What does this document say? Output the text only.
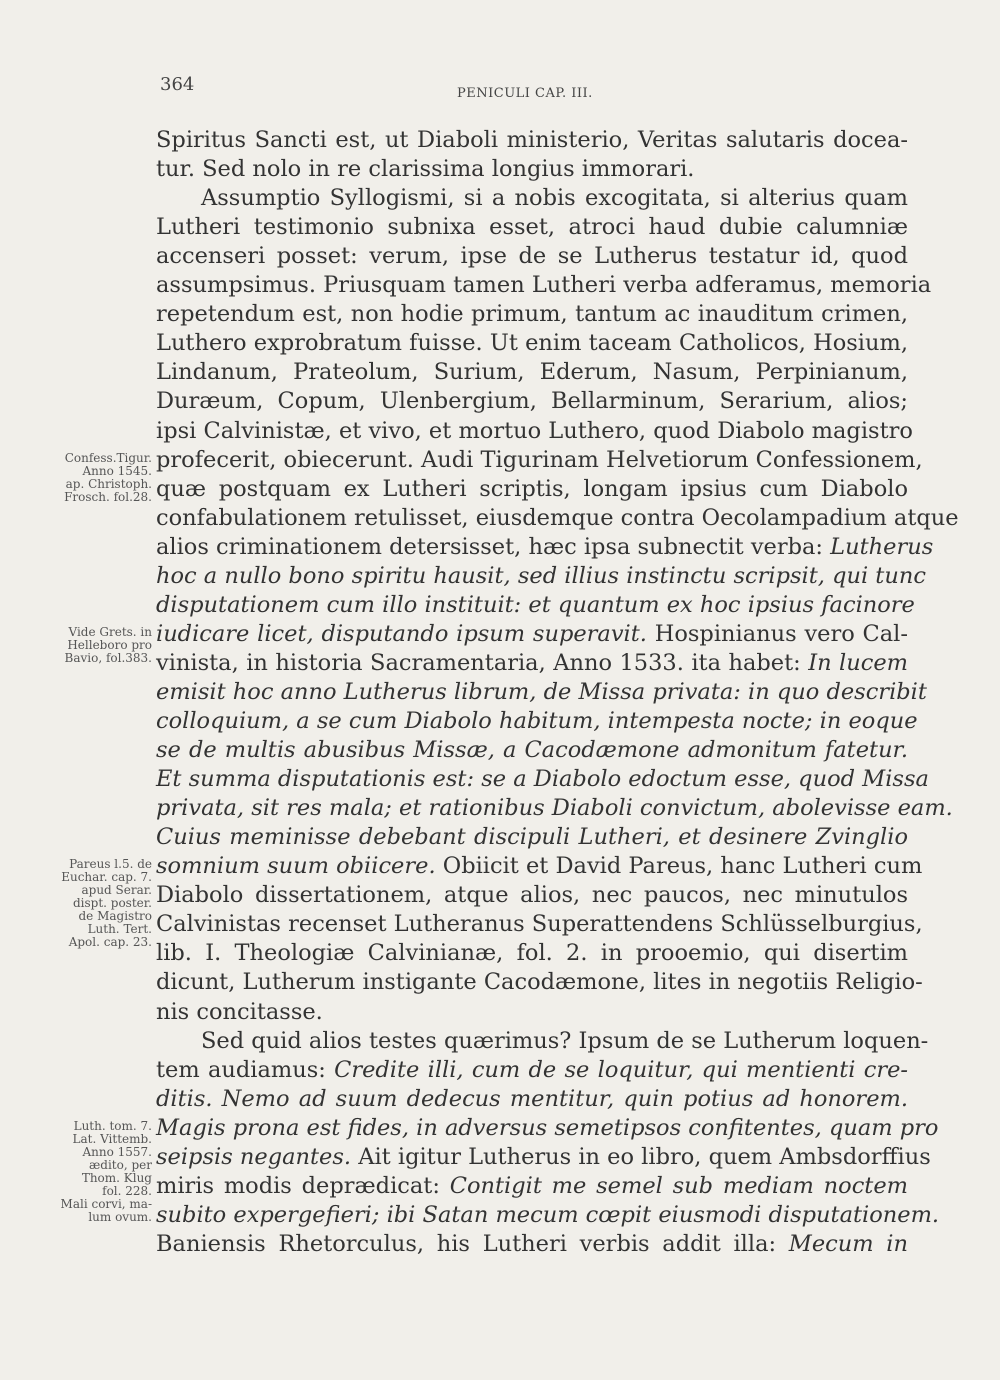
364	PENICULI CAP. III.
Spiritus Sancti est, ut Diaboli ministerio, Veritas salutaris docea-
tur. Sed nolo in re clarissima longius immorari.
Assumptio Syllogismi, si a nobis excogitata, si alterius quam
Lutheri testimonio subnixa esset, atroci haud dubie calumniæ
accenseri posset: verum, ipse de se Lutherus testatur id, quod
assumpsimus. Priusquam tamen Lutheri verba adferamus, memoria
repetendum est, non hodie primum, tantum ac inauditum crimen,
Luthero exprobratum fuisse. Ut enim taceam Catholicos, Hosium,
Lindanum, Prateolum, Surium, Ederum, Nasum, Perpinianum,
Duræum, Copum, Ulenbergium, Bellarminum, Serarium, alios;
ipsi Calvinistæ, et vivo, et mortuo Luthero, quod Diabolo magistro
profecerit, obiecerunt. Audi Tigurinam Helvetiorum Confessionem,
quæ postquam ex Lutheri scriptis, longam ipsius cum Diabolo
confabulationem retulisset, eiusdemque contra Oecolampadium atque
alios criminationem detersisset, hæc ipsa subnectit verba: Lutherus
hoc a nullo bono spiritu hausit, sed illius instinctu scripsit, qui tunc
disputationem cum illo instituit: et quantum ex hoc ipsius facinore
iudicare licet, disputando ipsum superavit. Hospinianus vero Cal-
vinista, in historia Sacramentaria, Anno 1533. ita habet: In lucem
emisit hoc anno Lutherus librum, de Missa privata: in quo describit
colloquium, a se cum Diabolo habitum, intempesta nocte; in eoque
se de multis abusibus Missæ, a Cacodæmone admonitum fatetur.
Et summa disputationis est: se a Diabolo edoctum esse, quod Missa
privata, sit res mala; et rationibus Diaboli convictum, abolevisse eam.
Cuius meminisse debebant discipuli Lutheri, et desinere Zvinglio
somnium suum obiicere. Obiicit et David Pareus, hanc Lutheri cum
Diabolo dissertationem, atque alios, nec paucos, nec minutulos
Calvinistas recenset Lutheranus Superattendens Schlüsselburgius,
lib. I. Theologiæ Calvinianæ, fol. 2. in prooemio, qui disertim
dicunt, Lutherum instigante Cacodæmone, lites in negotiis Religio-
nis concitasse.
Sed quid alios testes quærimus? Ipsum de se Lutherum loquen-
tem audiamus: Credite illi, cum de se loquitur, qui mentienti cre-
ditis. Nemo ad suum dedecus mentitur, quin potius ad honorem.
Magis prona est fides, in adversus semetipsos confitentes, quam pro
seipsis negantes. Ait igitur Lutherus in eo libro, quem Ambsdorffius
miris modis deprædicat: Contigit me semel sub mediam noctem
subito expergefieri; ibi Satan mecum cœpit eiusmodi disputationem.
Baniensis Rhetorculus, his Lutheri verbis addit illa: Mecum in
Confess.Tigur.
Anno 1545.
ap. Christoph.
Frosch. fol.28.
Vide Grets. in
Helleboro pro
Bavio, fol.383.
Pareus l.5. de
Euchar. cap. 7.
apud Serar.
dispt. poster.
de Magistro
Luth. Tert.
Apol. cap. 23.
Luth. tom. 7.
Lat. Vittemb.
Anno 1557.
ædito, per
Thom. Klug
fol. 228.
Mali corvi, ma-
lum ovum.
